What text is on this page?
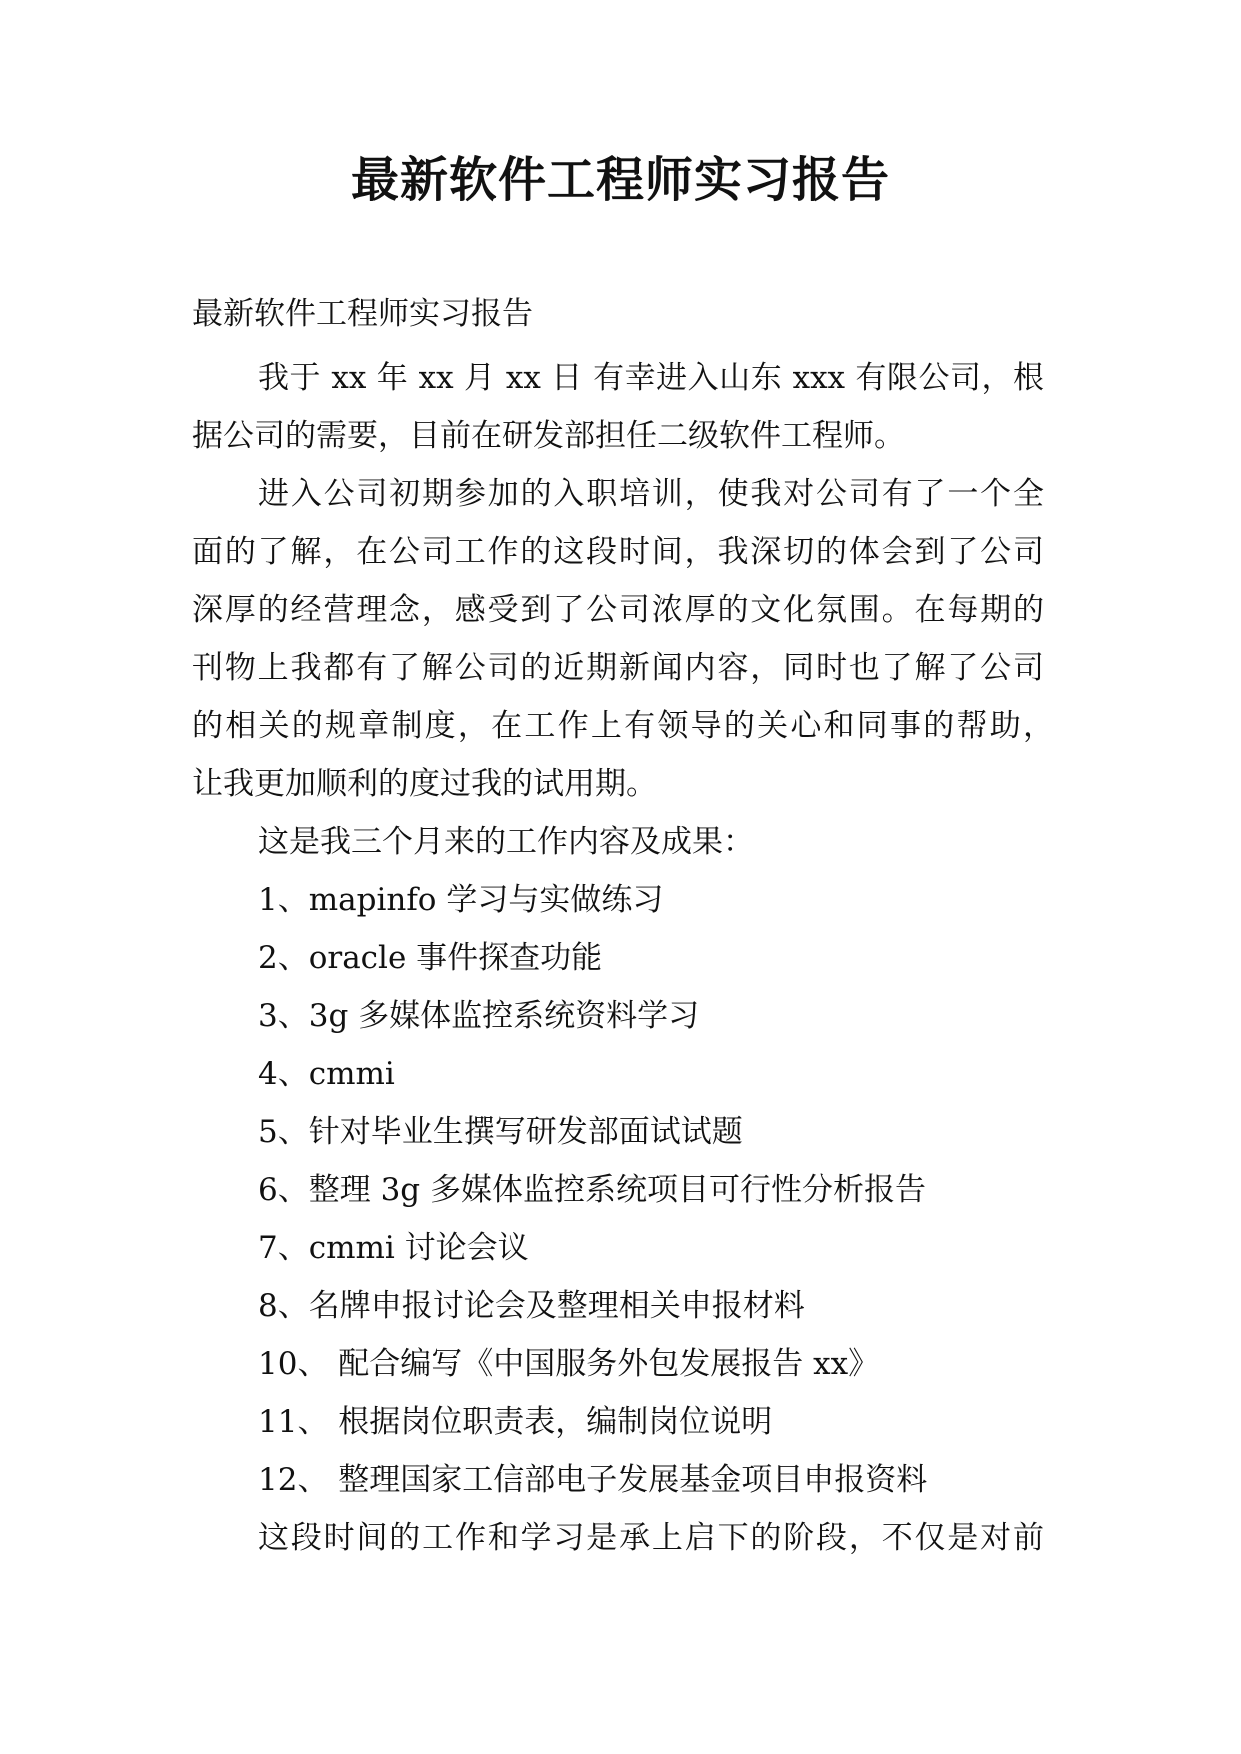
最新软件工程师实习报告
最新软件工程师实习报告
我于 xx 年 xx 月 xx 日 有幸进入山东 xxx 有限公司，根
据公司的需要，目前在研发部担任二级软件工程师。
进入公司初期参加的入职培训，使我对公司有了一个全
面的了解，在公司工作的这段时间，我深切的体会到了公司
深厚的经营理念，感受到了公司浓厚的文化氛围。在每期的
刊物上我都有了解公司的近期新闻内容，同时也了解了公司
的相关的规章制度，在工作上有领导的关心和同事的帮助，
让我更加顺利的度过我的试用期。
这是我三个月来的工作内容及成果：
1、mapinfo 学习与实做练习
2、oracle 事件探查功能
3、3g 多媒体监控系统资料学习
4、cmmi
5、针对毕业生撰写研发部面试试题
6、整理 3g 多媒体监控系统项目可行性分析报告
7、cmmi 讨论会议
8、名牌申报讨论会及整理相关申报材料
10、 配合编写《中国服务外包发展报告 xx》
11、 根据岗位职责表，编制岗位说明
12、 整理国家工信部电子发展基金项目申报资料
这段时间的工作和学习是承上启下的阶段，不仅是对前
